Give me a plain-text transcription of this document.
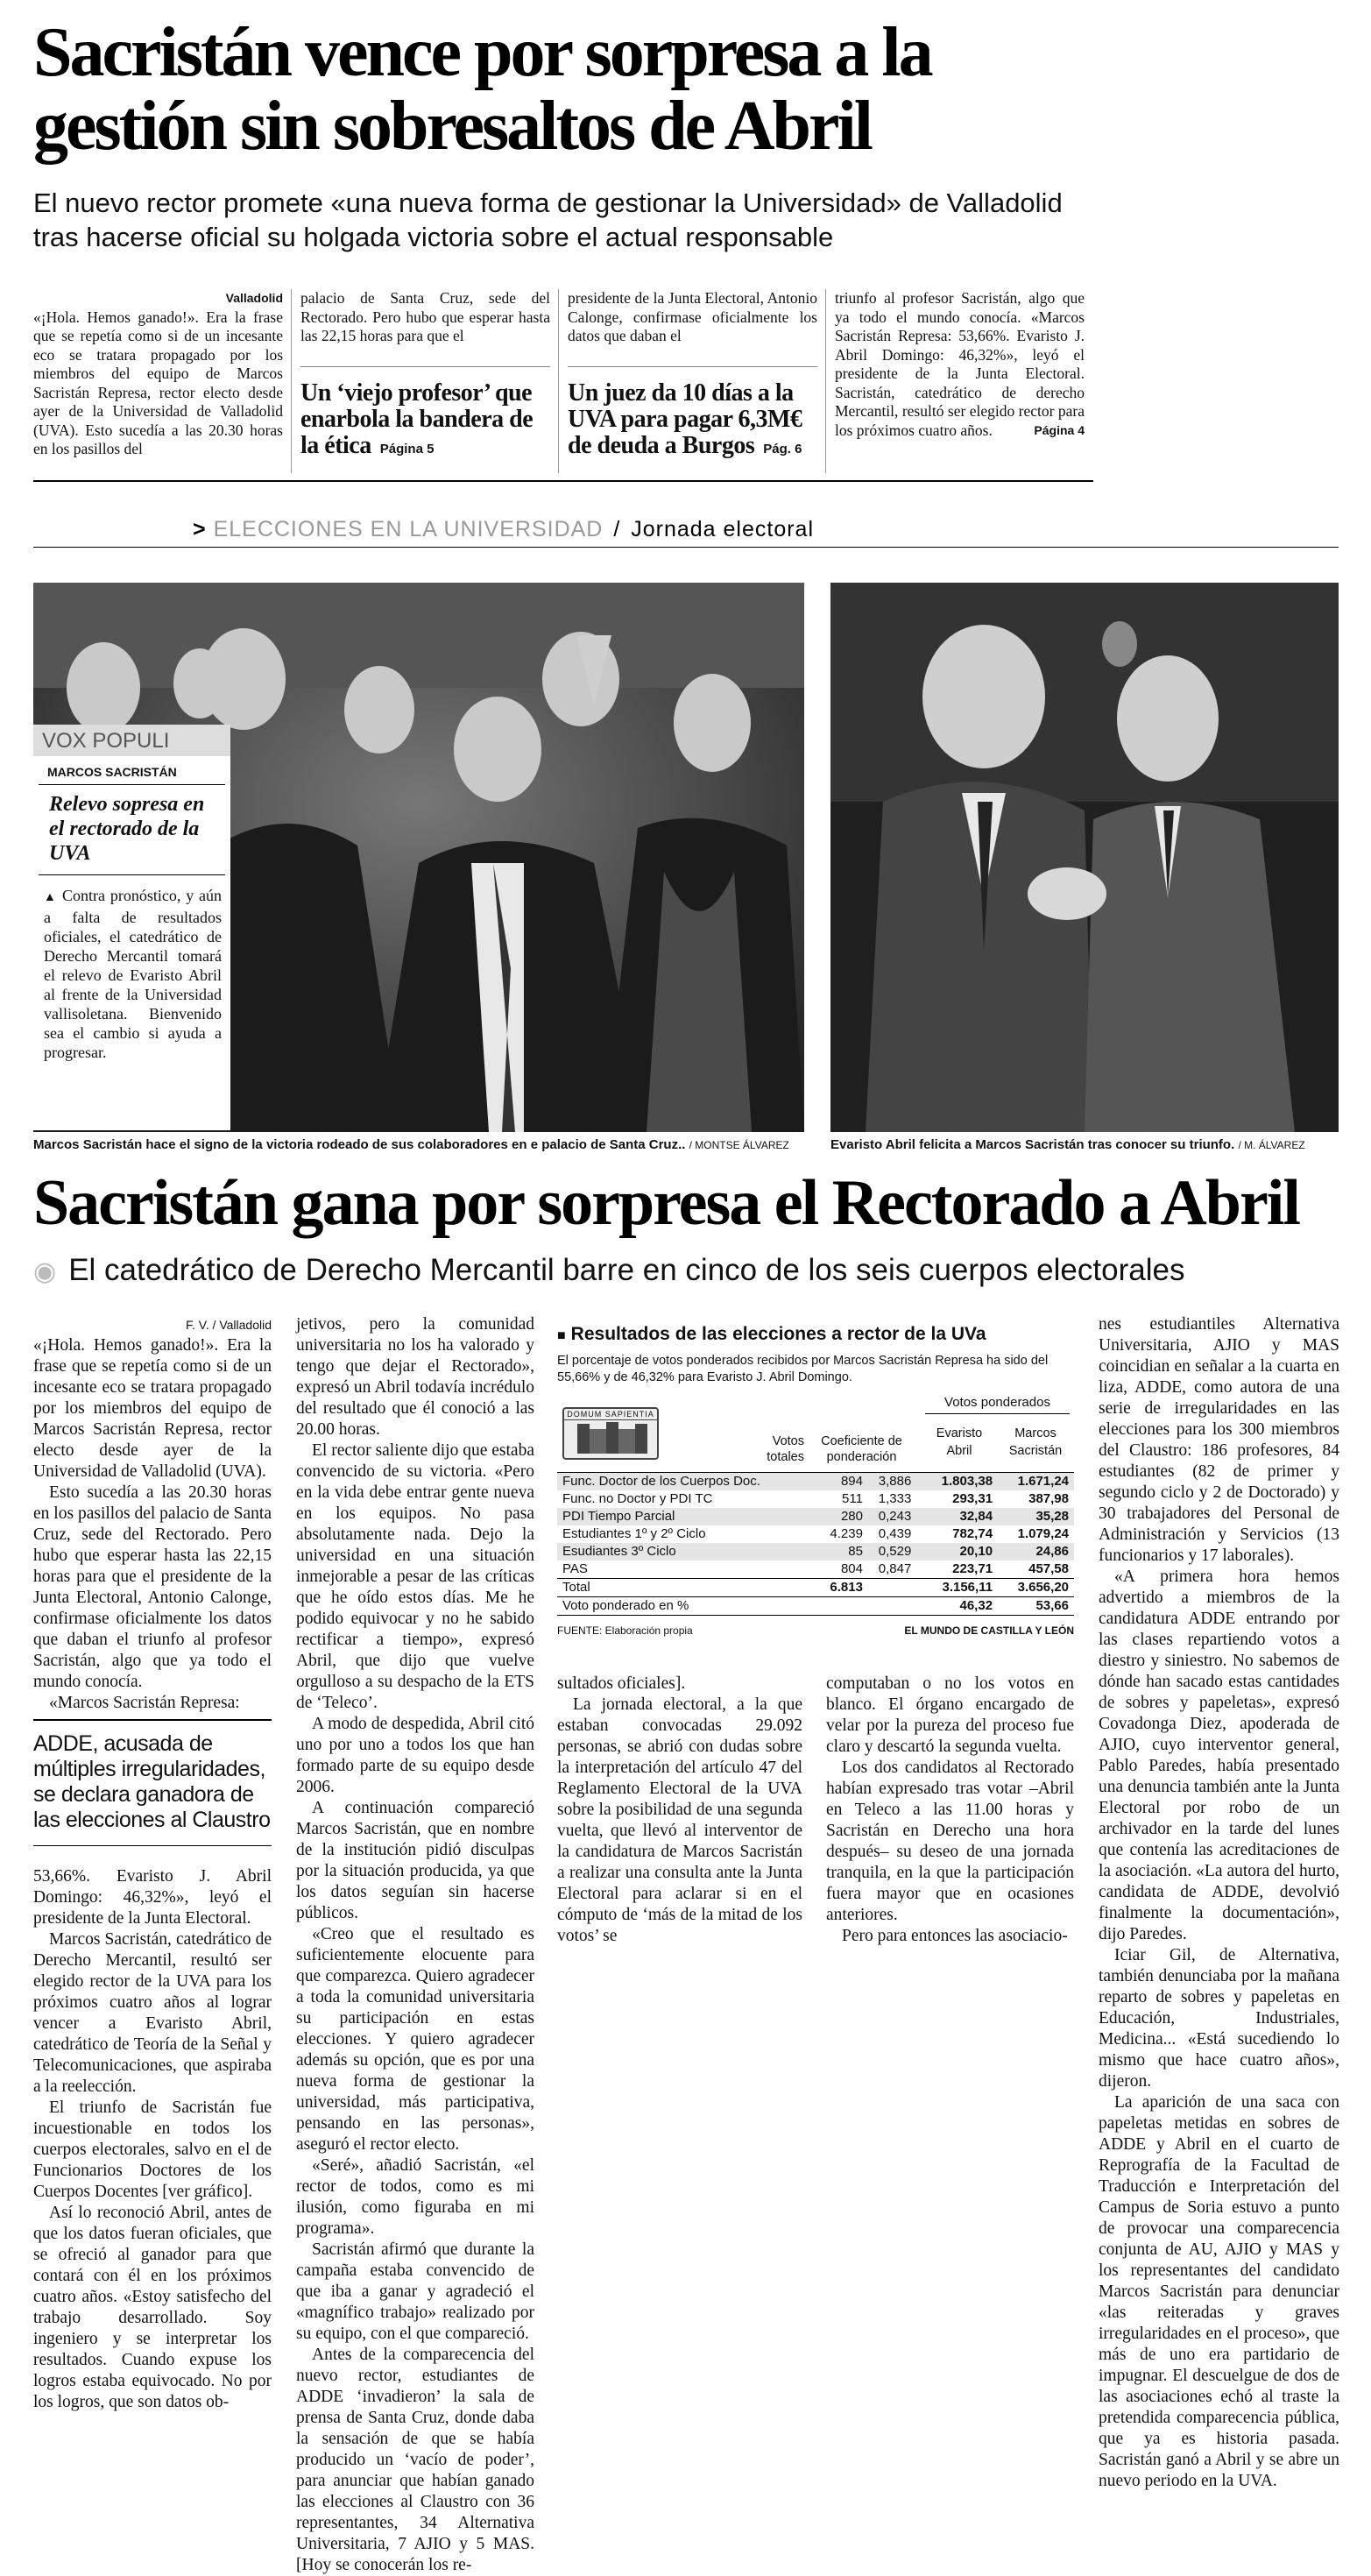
Sacristán vence por sorpresa a la gestión sin sobresaltos de Abril
El nuevo rector promete «una nueva forma de gestionar la Universidad» de Valladolid tras hacerse oficial su holgada victoria sobre el actual responsable

Valladolid

«¡Hola. Hemos ganado!». Era la frase que se repetía como si de un incesante eco se tratara propagado por los miembros del equipo de Marcos Sacristán Represa, rector electo desde ayer de la Universidad de Valladolid (UVA). Esto sucedía a las 20.30 horas en los pasillos del

palacio de Santa Cruz, sede del Rectorado. Pero hubo que esperar hasta las 22,15 horas para que el

Un ‘viejo profesor’ que enarbola la bandera de la ética Página 5

presidente de la Junta Electoral, Antonio Calonge, confirmase oficialmente los datos que daban el

Un juez da 10 días a la UVA para pagar 6,3M€ de deuda a Burgos Pág. 6

triunfo al profesor Sacristán, algo que ya todo el mundo conocía. «Marcos Sacristán Represa: 53,66%. Evaristo J. Abril Domingo: 46,32%», leyó el presidente de la Junta Electoral. Sacristán, catedrático de derecho Mercantil, resultó ser elegido rector para los próximos cuatro años.	Página 4

> ELECCIONES EN LA UNIVERSIDAD / Jornada electoral
VOX POPULI
MARCOS SACRISTÁN
Relevo sopresa en el rectorado de la UVA

▲ Contra pronóstico, y aún a falta de resultados oficiales, el catedrático de Derecho Mercantil tomará el relevo de Evaristo Abril al frente de la Universidad vallisoletana. Bienvenido sea el cambio si ayuda a progresar.

Marcos Sacristán hace el signo de la victoria rodeado de sus colaboradores en e palacio de Santa Cruz.. / MONTSE ÁLVAREZ	Evaristo Abril felicita a Marcos Sacristán tras conocer su triunfo. / M. ÁLVAREZ
Sacristán gana por sorpresa el Rectorado a Abril
◉ El catedrático de Derecho Mercantil barre en cinco de los seis cuerpos electorales

F. V. / Valladolid

«¡Hola. Hemos ganado!». Era la frase que se repetía como si de un incesante eco se tratara propagado por los miembros del equipo de Marcos Sacristán Represa, rector electo desde ayer de la Universidad de Valladolid (UVA).

Esto sucedía a las 20.30 horas en los pasillos del palacio de Santa Cruz, sede del Rectorado. Pero hubo que esperar hasta las 22,15 horas para que el presidente de la Junta Electoral, Antonio Calonge, confirmase oficialmente los datos que daban el triunfo al profesor Sacristán, algo que ya todo el mundo conocía.

«Marcos Sacristán Represa:

ADDE, acusada de múltiples irregularidades, se declara ganadora de las elecciones al Claustro

53,66%. Evaristo J. Abril Domingo: 46,32%», leyó el presidente de la Junta Electoral.

Marcos Sacristán, catedrático de Derecho Mercantil, resultó ser elegido rector de la UVA para los próximos cuatro años al lograr vencer a Evaristo Abril, catedrático de Teoría de la Señal y Telecomunicaciones, que aspiraba a la reelección.

El triunfo de Sacristán fue incuestionable en todos los cuerpos electorales, salvo en el de Funcionarios Doctores de los Cuerpos Docentes [ver gráfico].

Así lo reconoció Abril, antes de que los datos fueran oficiales, que se ofreció al ganador para que contará con él en los próximos cuatro años. «Estoy satisfecho del trabajo desarrollado. Soy ingeniero y se interpretar los resultados. Cuando expuse los logros estaba equivocado. No por los logros, que son datos ob-

jetivos, pero la comunidad universitaria no los ha valorado y tengo que dejar el Rectorado», expresó un Abril todavía incrédulo del resultado que él conoció a las 20.00 horas.

El rector saliente dijo que estaba convencido de su victoria. «Pero en la vida debe entrar gente nueva en los equipos. No pasa absolutamente nada. Dejo la universidad en una situación inmejorable a pesar de las críticas que he oído estos días. Me he podido equivocar y no he sabido rectificar a tiempo», expresó Abril, que dijo que vuelve orgulloso a su despacho de la ETS de ‘Teleco’.

A modo de despedida, Abril citó uno por uno a todos los que han formado parte de su equipo desde 2006.

A continuación compareció Marcos Sacristán, que en nombre de la institución pidió disculpas por la situación producida, ya que los datos seguían sin hacerse públicos.

«Creo que el resultado es suficientemente elocuente para que comparezca. Quiero agradecer a toda la comunidad universitaria su participación en estas elecciones. Y quiero agradecer además su opción, que es por una nueva forma de gestionar la universidad, más participativa, pensando en las personas», aseguró el rector electo.

«Seré», añadió Sacristán, «el rector de todos, como es mi ilusión, como figuraba en mi programa».

Sacristán afirmó que durante la campaña estaba convencido de que iba a ganar y agradeció el «magnífico trabajo» realizado por su equipo, con el que compareció.

Antes de la comparecencia del nuevo rector, estudiantes de ADDE ‘invadieron’ la sala de prensa de Santa Cruz, donde daba la sensación de que se había producido un ‘vacío de poder’, para anunciar que habían ganado las elecciones al Claustro con 36 representantes, 34 Alternativa Universitaria, 7 AJIO y 5 MAS. [Hoy se conocerán los re-

■ Resultados de las elecciones a rector de la UVa
El porcentaje de votos ponderados recibidos por Marcos Sacristán Represa ha sido del 55,66% y de 46,32% para Evaristo J. Abril Domingo.
DOMUM SAPIENTIA
Votos ponderados
Votos totales
Coeficiente de ponderación
Evaristo Abril
Marcos Sacristán
Func. Doctor de los Cuerpos Doc.	894	3,886	1.803,38	1.671,24
Func. no Doctor y PDI TC	511	1,333	293,31	387,98
PDI Tiempo Parcial	280	0,243	32,84	35,28
Estudiantes 1º y 2º Ciclo	4.239	0,439	782,74	1.079,24
Esudiantes 3º Ciclo	85	0,529	20,10	24,86
PAS	804	0,847	223,71	457,58
Total	6.813		3.156,11	3.656,20
Voto ponderado en %			46,32	53,66
FUENTE: Elaboración propia	EL MUNDO DE CASTILLA Y LEÓN

sultados oficiales].

La jornada electoral, a la que estaban convocadas 29.092 personas, se abrió con dudas sobre la interpretación del artículo 47 del Reglamento Electoral de la UVA sobre la posibilidad de una segunda vuelta, que llevó al interventor de la candidatura de Marcos Sacristán a realizar una consulta ante la Junta Electoral para aclarar si en el cómputo de ‘más de la mitad de los votos’ se

computaban o no los votos en blanco. El órgano encargado de velar por la pureza del proceso fue claro y descartó la segunda vuelta.

Los dos candidatos al Rectorado habían expresado tras votar –Abril en Teleco a las 11.00 horas y Sacristán en Derecho una hora después– su deseo de una jornada tranquila, en la que la participación fuera mayor que en ocasiones anteriores.

Pero para entonces las asociacio-

nes estudiantiles Alternativa Universitaria, AJIO y MAS coincidian en señalar a la cuarta en liza, ADDE, como autora de una serie de irregularidades en las elecciones para los 300 miembros del Claustro: 186 profesores, 84 estudiantes (82 de primer y segundo ciclo y 2 de Doctorado) y 30 trabajadores del Personal de Administración y Servicios (13 funcionarios y 17 laborales).

«A primera hora hemos advertido a miembros de la candidatura ADDE entrando por las clases repartiendo votos a diestro y siniestro. No sabemos de dónde han sacado estas cantidades de sobres y papeletas», expresó Covadonga Diez, apoderada de AJIO, cuyo interventor general, Pablo Paredes, había presentado una denuncia también ante la Junta Electoral por robo de un archivador en la tarde del lunes que contenía las acreditaciones de la asociación. «La autora del hurto, candidata de ADDE, devolvió finalmente la documentación», dijo Paredes.

Iciar Gil, de Alternativa, también denunciaba por la mañana reparto de sobres y papeletas en Educación, Industriales, Medicina... «Está sucediendo lo mismo que hace cuatro años», dijeron.

La aparición de una saca con papeletas metidas en sobres de ADDE y Abril en el cuarto de Reprografía de la Facultad de Traducción e Interpretación del Campus de Soria estuvo a punto de provocar una comparecencia conjunta de AU, AJIO y MAS y los representantes del candidato Marcos Sacristán para denunciar «las reiteradas y graves irregularidades en el proceso», que más de uno era partidario de impugnar. El descuelgue de dos de las asociaciones echó al traste la pretendida comparecencia pública, que ya es historia pasada. Sacristán ganó a Abril y se abre un nuevo periodo en la UVA.
